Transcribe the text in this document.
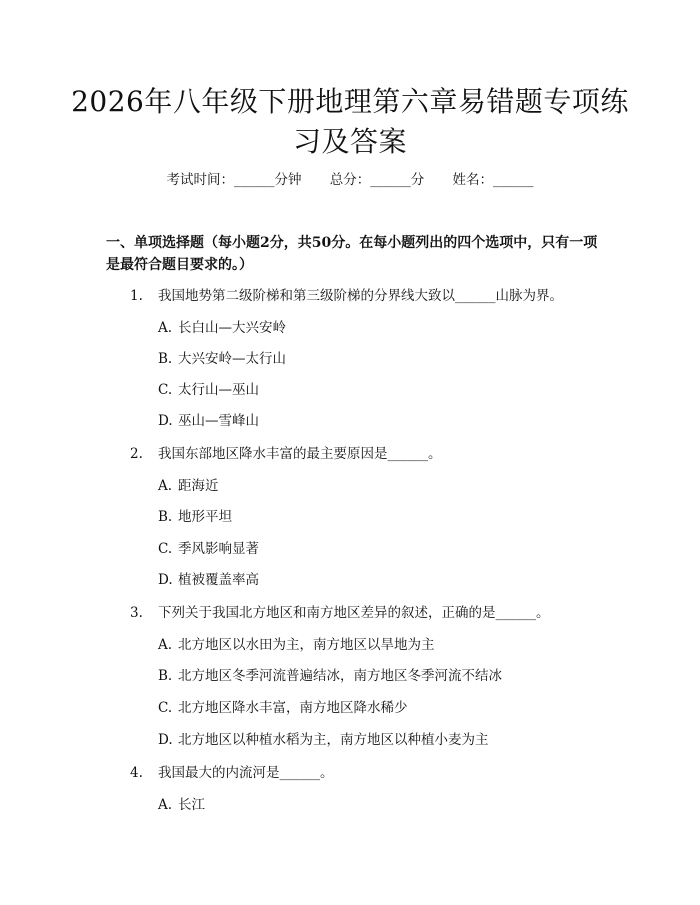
2026年八年级下册地理第六章易错题专项练
习及答案
考试时间：______分钟 总分：______分 姓名：______
一、单项选择题（每小题2分，共50分。在每小题列出的四个选项中，只有一项是最符合题目要求的。）
1. 我国地势第二级阶梯和第三级阶梯的分界线大致以______山脉为界。
A. 长白山—大兴安岭
B. 大兴安岭—太行山
C. 太行山—巫山
D. 巫山—雪峰山
2. 我国东部地区降水丰富的最主要原因是______。
A. 距海近
B. 地形平坦
C. 季风影响显著
D. 植被覆盖率高
3. 下列关于我国北方地区和南方地区差异的叙述，正确的是______。
A. 北方地区以水田为主，南方地区以旱地为主
B. 北方地区冬季河流普遍结冰，南方地区冬季河流不结冰
C. 北方地区降水丰富，南方地区降水稀少
D. 北方地区以种植水稻为主，南方地区以种植小麦为主
4. 我国最大的内流河是______。
A. 长江
